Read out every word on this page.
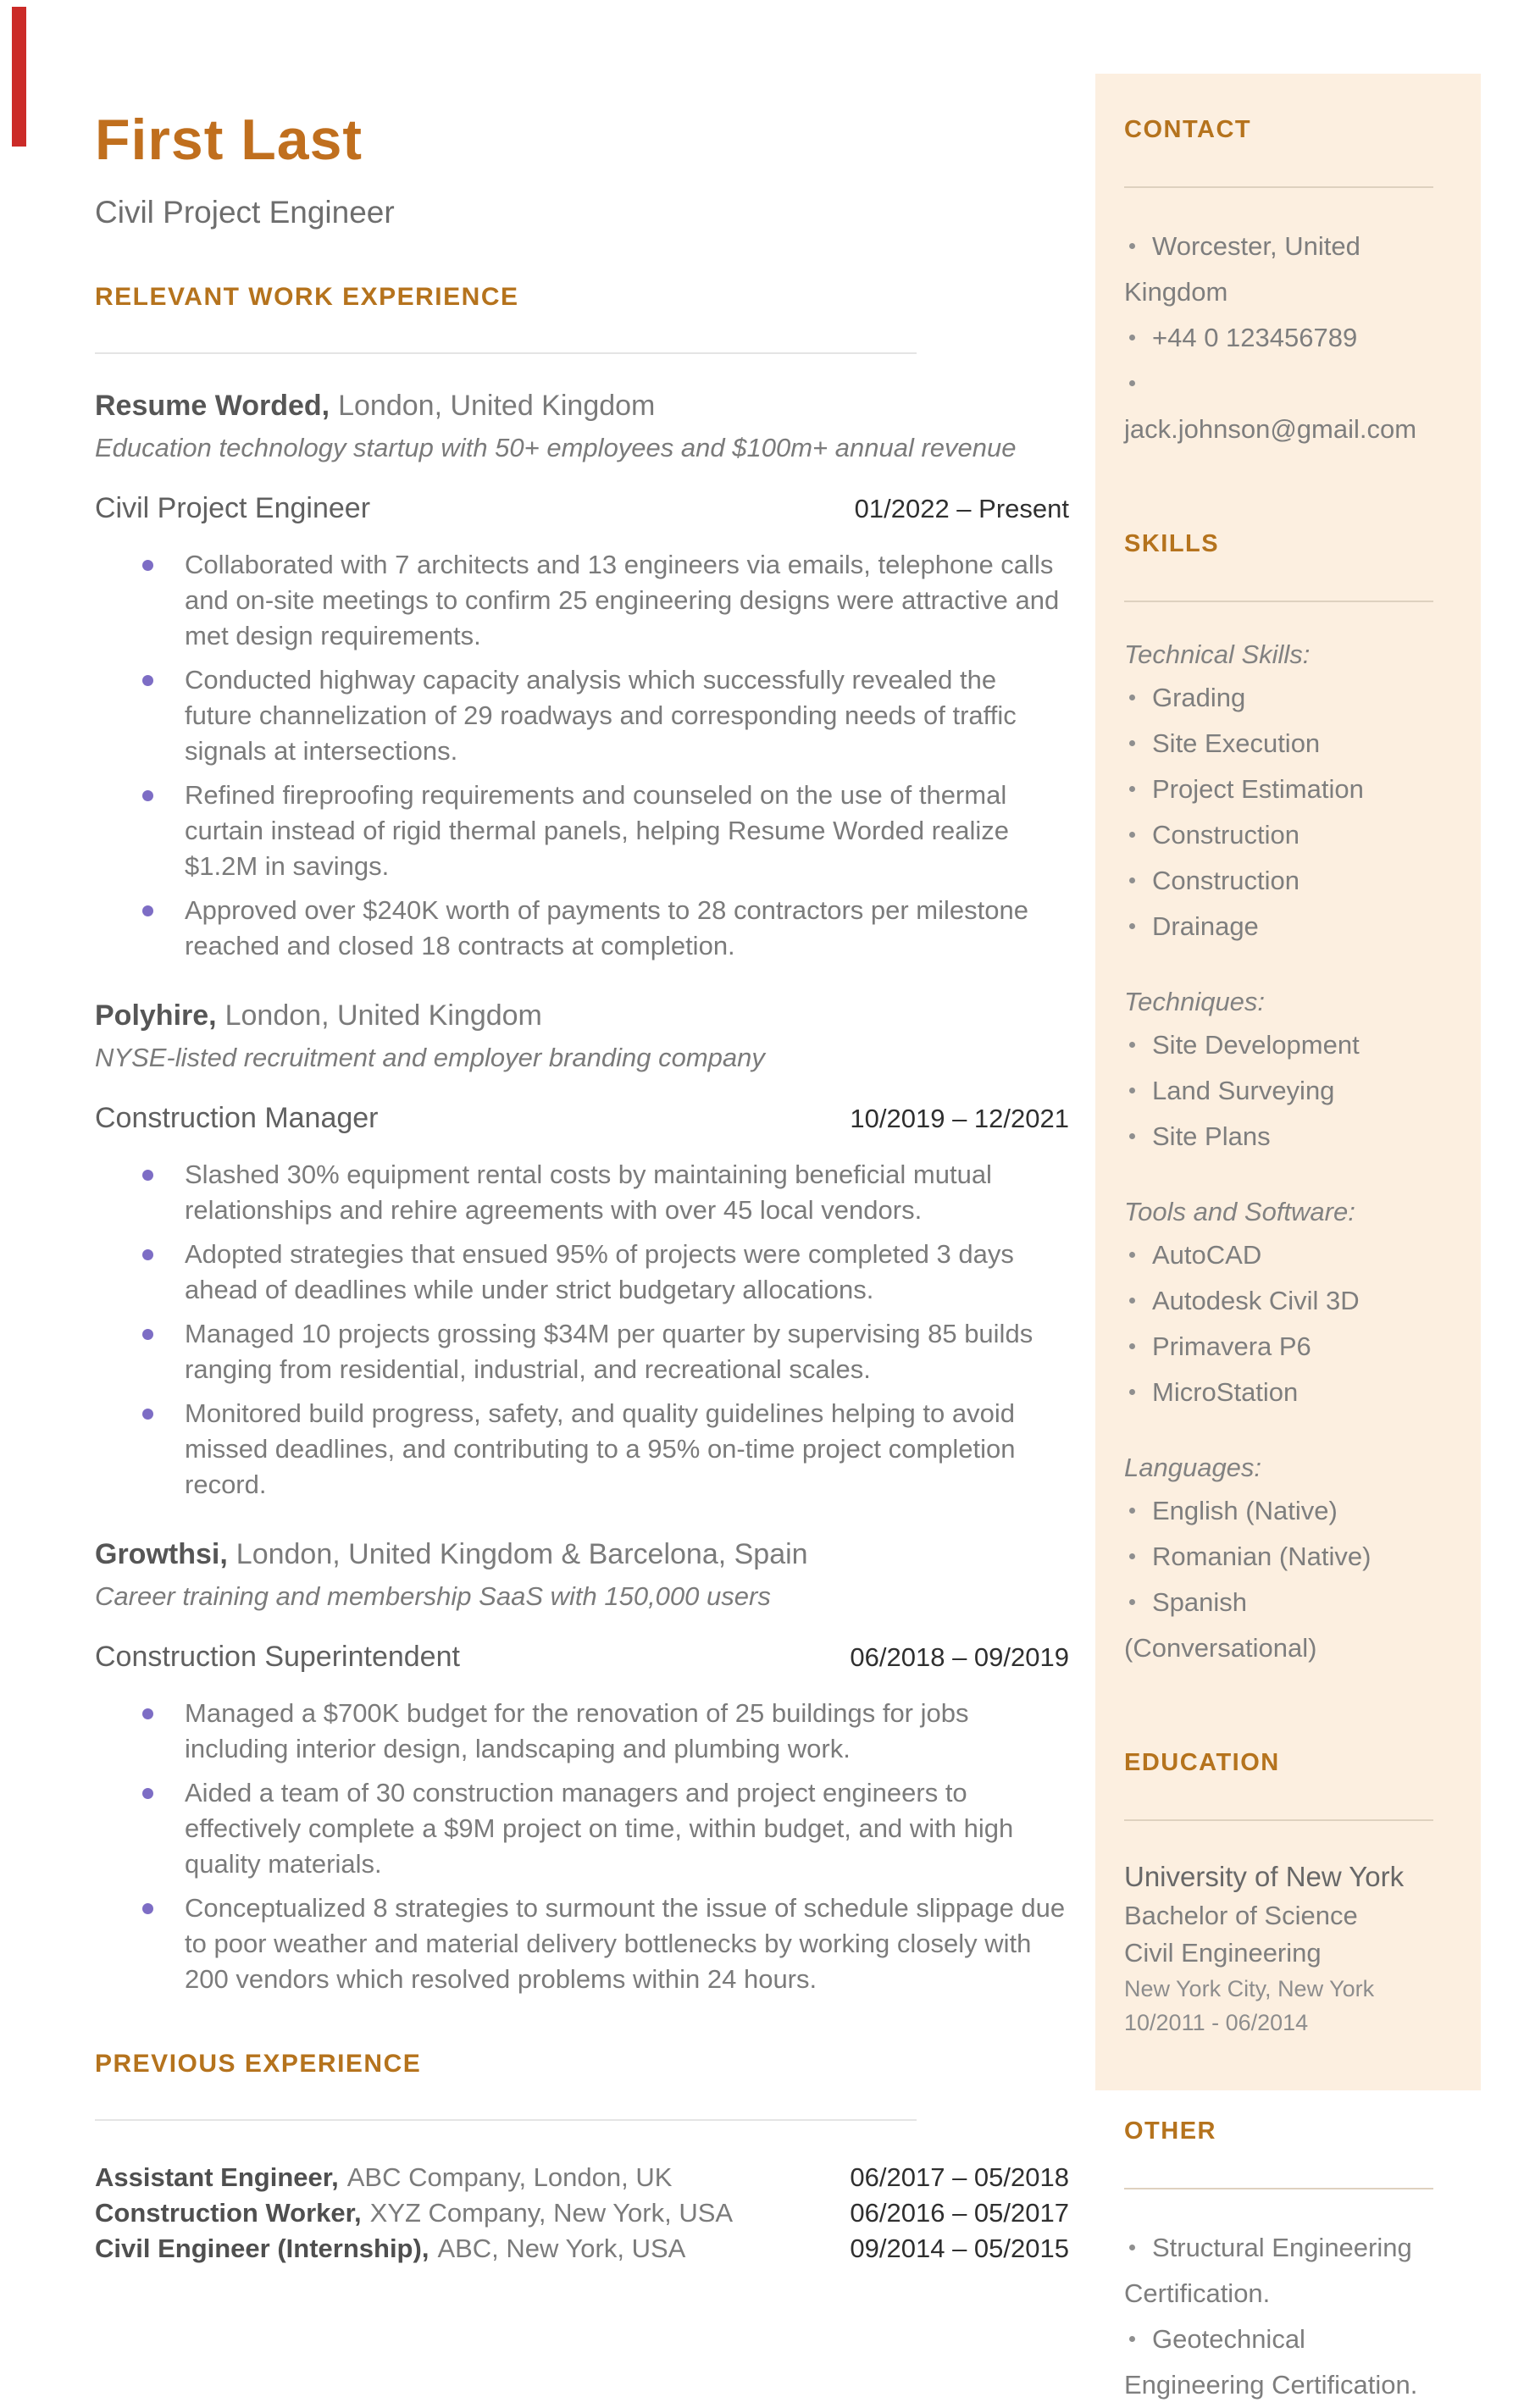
First Last
Civil Project Engineer
RELEVANT WORK EXPERIENCE
Resume Worded, London, United Kingdom
Education technology startup with 50+ employees and $100m+ annual revenue
Civil Project Engineer	01/2022 – Present
Collaborated with 7 architects and 13 engineers via emails, telephone calls and on-site meetings to confirm 25 engineering designs were attractive and met design requirements.
Conducted highway capacity analysis which successfully revealed the future channelization of 29 roadways and corresponding needs of traffic signals at intersections.
Refined fireproofing requirements and counseled on the use of thermal curtain instead of rigid thermal panels, helping Resume Worded realize $1.2M in savings.
Approved over $240K worth of payments to 28 contractors per milestone reached and closed 18 contracts at completion.
Polyhire, London, United Kingdom
NYSE-listed recruitment and employer branding company
Construction Manager	10/2019 – 12/2021
Slashed 30% equipment rental costs by maintaining beneficial mutual relationships and rehire agreements with over 45 local vendors.
Adopted strategies that ensued 95% of projects were completed 3 days ahead of deadlines while under strict budgetary allocations.
Managed 10 projects grossing $34M per quarter by supervising 85 builds ranging from residential, industrial, and recreational scales.
Monitored build progress, safety, and quality guidelines helping to avoid missed deadlines, and contributing to a 95% on-time project completion record.
Growthsi, London, United Kingdom & Barcelona, Spain
Career training and membership SaaS with 150,000 users
Construction Superintendent	06/2018 – 09/2019
Managed a $700K budget for the renovation of 25 buildings for jobs including interior design, landscaping and plumbing work.
Aided a team of 30 construction managers and project engineers to effectively complete a $9M project on time, within budget, and with high quality materials.
Conceptualized 8 strategies to surmount the issue of schedule slippage due to poor weather and material delivery bottlenecks by working closely with 200 vendors which resolved problems within 24 hours.
PREVIOUS EXPERIENCE
Assistant Engineer, ABC Company, London, UK	06/2017 – 05/2018
Construction Worker, XYZ Company, New York, USA	06/2016 – 05/2017
Civil Engineer (Internship), ABC, New York, USA	09/2014 – 05/2015
CONTACT
Worcester, United Kingdom
+44 0 123456789
jack.johnson@gmail.com
SKILLS
Technical Skills:
Grading
Site Execution
Project Estimation
Construction
Construction
Drainage
Techniques:
Site Development
Land Surveying
Site Plans
Tools and Software:
AutoCAD
Autodesk Civil 3D
Primavera P6
MicroStation
Languages:
English (Native)
Romanian (Native)
Spanish (Conversational)
EDUCATION
University of New York
Bachelor of Science
Civil Engineering
New York City, New York
10/2011 - 06/2014
OTHER
Structural Engineering Certification.
Geotechnical Engineering Certification.
